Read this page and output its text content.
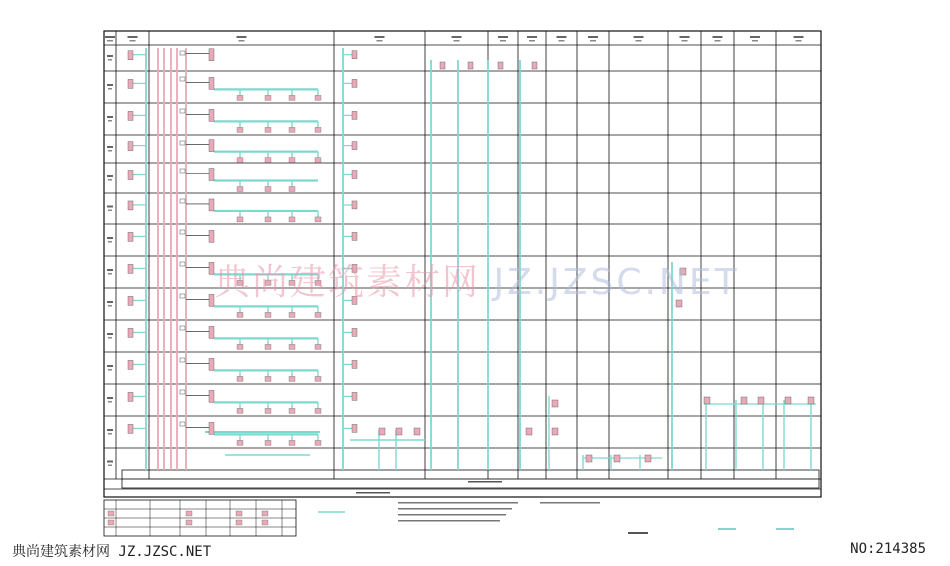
典尚建筑素材网 JZ.JZSC.NET
典尚建筑素材网 JZ.JZSC.NET	NO:214385
